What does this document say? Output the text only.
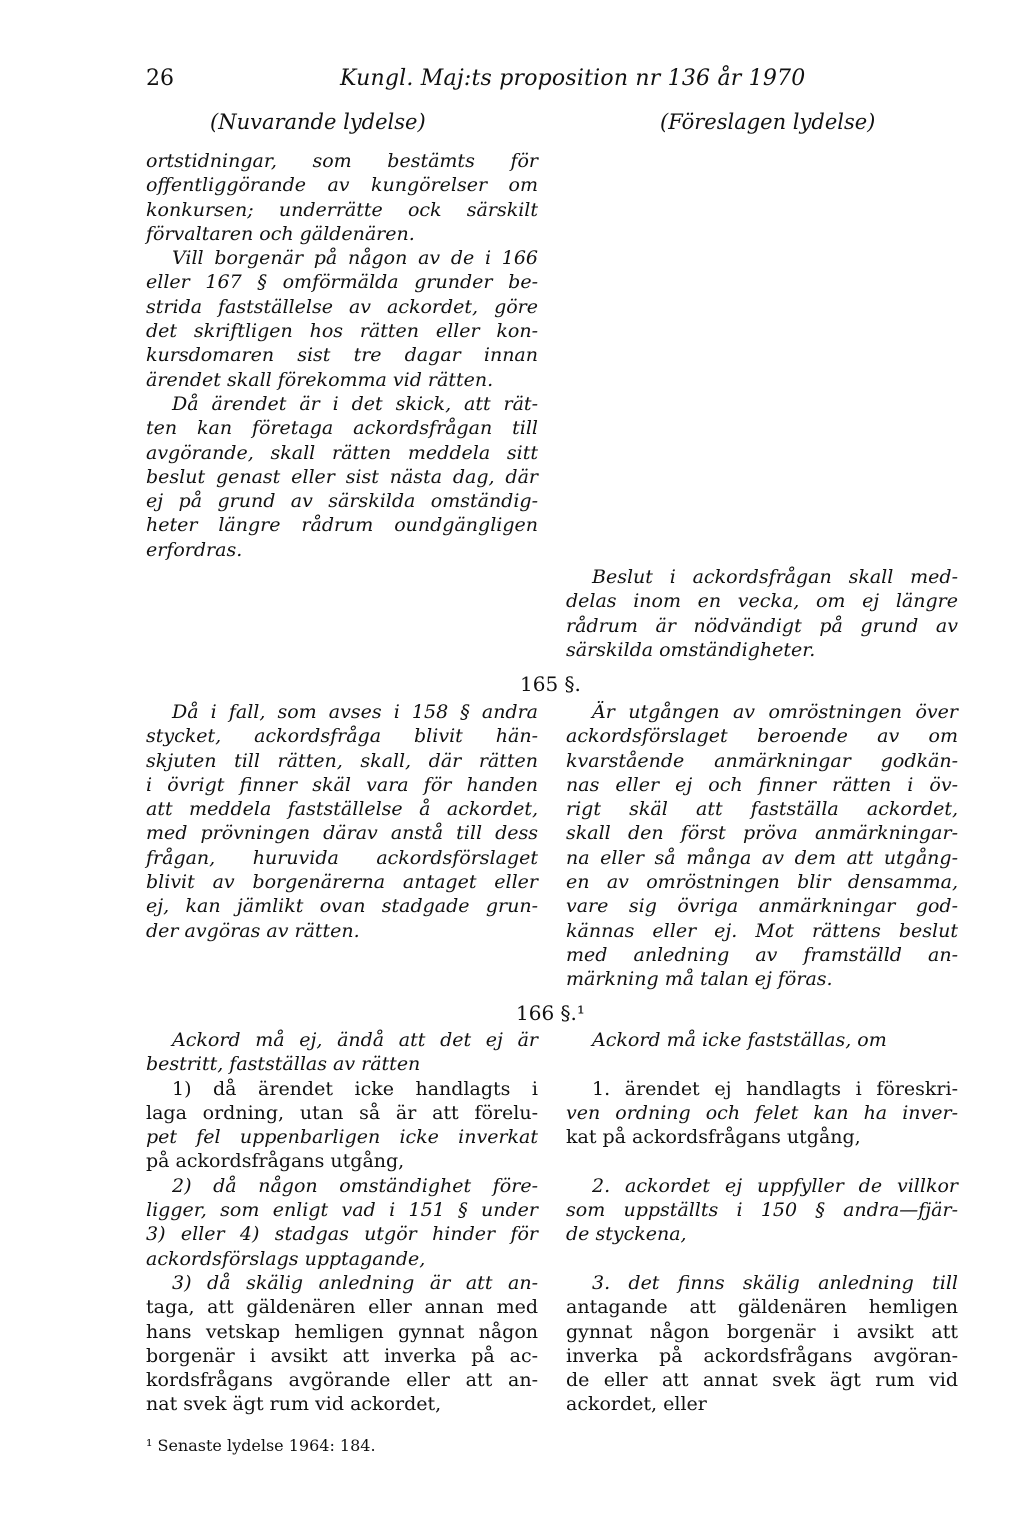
26	Kungl. Maj:ts proposition nr 136 år 1970
(Nuvarande lydelse)	(Föreslagen lydelse)
ortstidningar, som bestämts för
offentliggörande av kungörelser om
konkursen; underrätte ock särskilt
förvaltaren och gäldenären.
Vill borgenär på någon av de i 166
eller 167 § omförmälda grunder be-
strida fastställelse av ackordet, göre
det skriftligen hos rätten eller kon-
kursdomaren sist tre dagar innan
ärendet skall förekomma vid rätten.
Då ärendet är i det skick, att rät-
ten kan företaga ackordsfrågan till
avgörande, skall rätten meddela sitt
beslut genast eller sist nästa dag, där
ej på grund av särskilda omständig-
heter längre rådrum oundgängligen
erfordras.
Beslut i ackordsfrågan skall med-
delas inom en vecka, om ej längre
rådrum är nödvändigt på grund av
särskilda omständigheter.
165 §.
Då i fall, som avses i 158 § andra
stycket, ackordsfråga blivit hän-
skjuten till rätten, skall, där rätten
i övrigt finner skäl vara för handen
att meddela fastställelse å ackordet,
med prövningen därav anstå till dess
frågan, huruvida ackordsförslaget
blivit av borgenärerna antaget eller
ej, kan jämlikt ovan stadgade grun-
der avgöras av rätten.
Är utgången av omröstningen över
ackordsförslaget beroende av om
kvarstående anmärkningar godkän-
nas eller ej och finner rätten i öv-
rigt skäl att fastställa ackordet,
skall den först pröva anmärkningar-
na eller så många av dem att utgång-
en av omröstningen blir densamma,
vare sig övriga anmärkningar god-
kännas eller ej. Mot rättens beslut
med anledning av framställd an-
märkning må talan ej föras.
166 §.¹
Ackord må ej, ändå att det ej är
bestritt, fastställas av rätten
1) då ärendet icke handlagts i
laga ordning, utan så är att förelu-
pet fel uppenbarligen icke inverkat
på ackordsfrågans utgång,
2) då någon omständighet före-
ligger, som enligt vad i 151 § under
3) eller 4) stadgas utgör hinder för
ackordsförslags upptagande,
3) då skälig anledning är att an-
taga, att gäldenären eller annan med
hans vetskap hemligen gynnat någon
borgenär i avsikt att inverka på ac-
kordsfrågans avgörande eller att an-
nat svek ägt rum vid ackordet,
Ackord må icke fastställas, om

1. ärendet ej handlagts i föreskri-
ven ordning och felet kan ha inver-
kat på ackordsfrågans utgång,

2. ackordet ej uppfyller de villkor
som uppställts i 150 § andra—fjär-
de styckena,

3. det finns skälig anledning till
antagande att gäldenären hemligen
gynnat någon borgenär i avsikt att
inverka på ackordsfrågans avgöran-
de eller att annat svek ägt rum vid
ackordet, eller
¹ Senaste lydelse 1964: 184.
